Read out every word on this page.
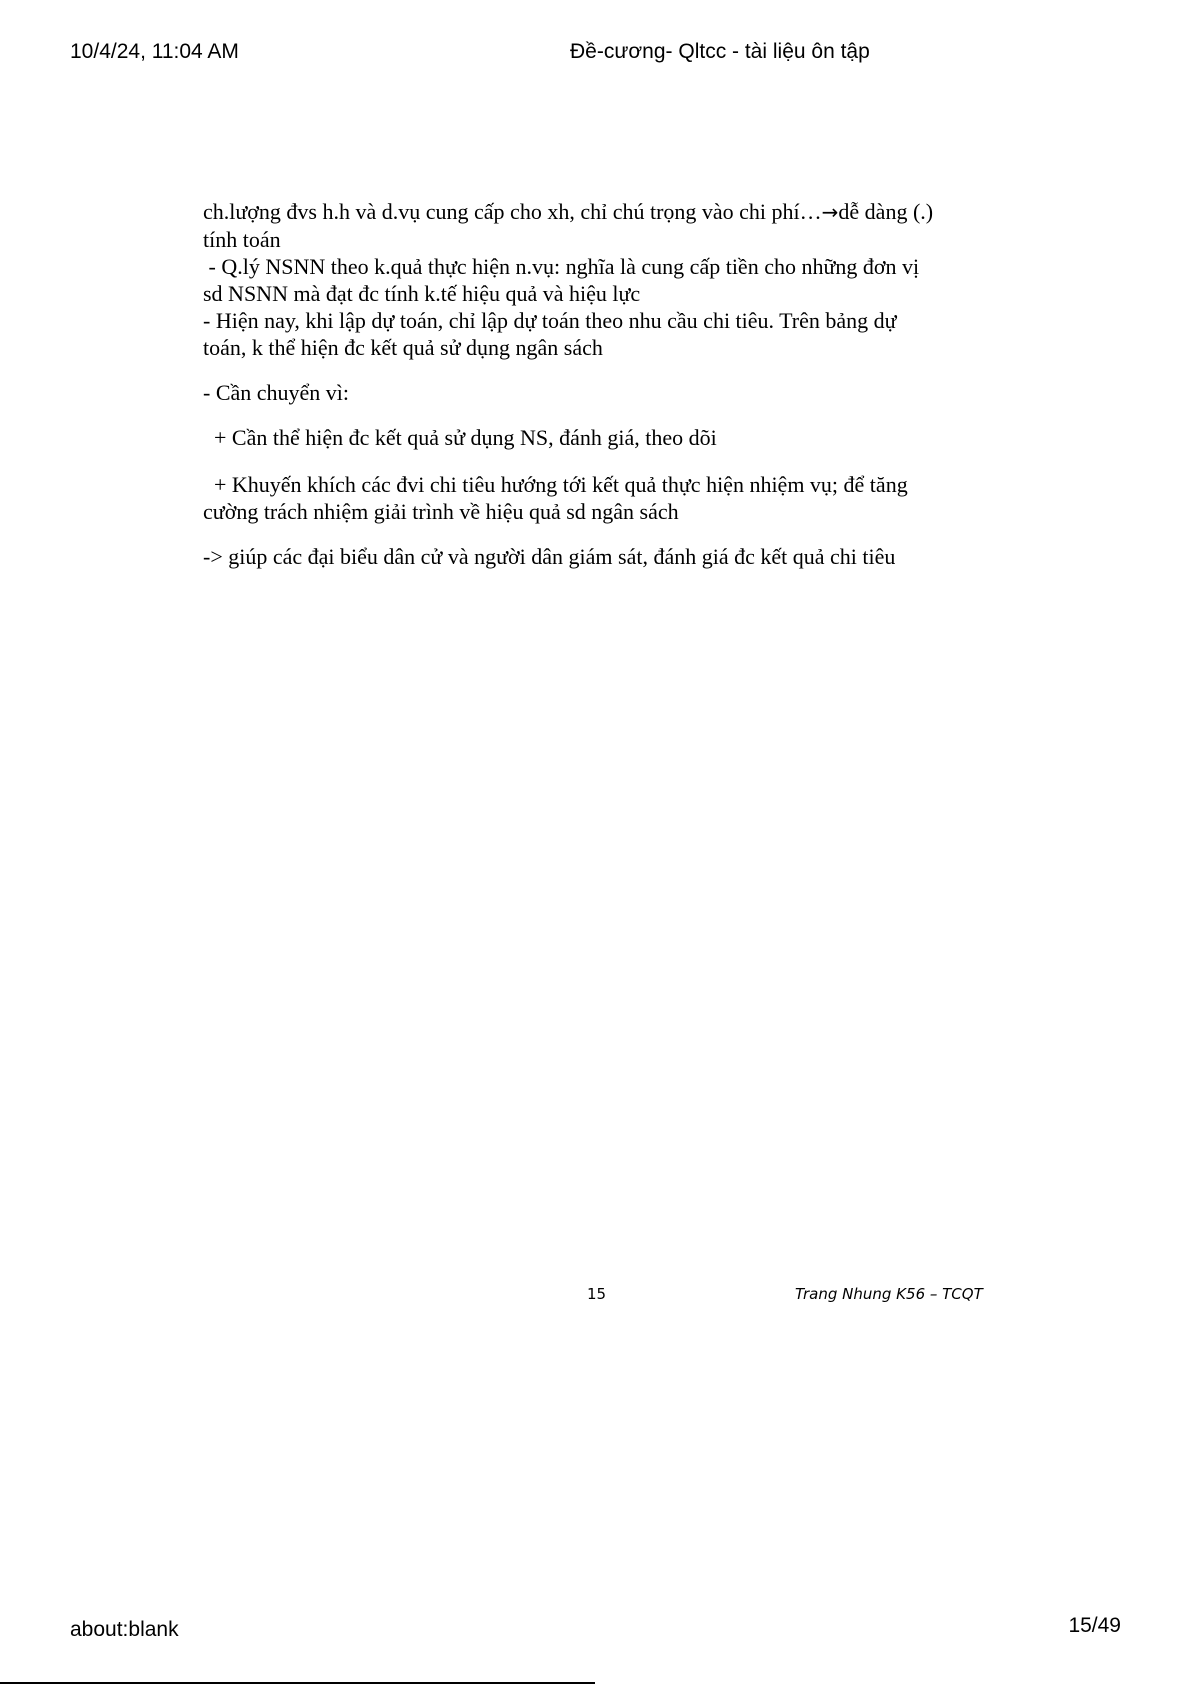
10/4/24, 11:04 AM	Đề-cương- Qltcc - tài liệu ôn tập

ch.lượng đvs h.h và d.vụ cung cấp cho xh, chỉ chú trọng vào chi phí…→dễ dàng (.)

tính toán

- Q.lý NSNN theo k.quả thực hiện n.vụ: nghĩa là cung cấp tiền cho những đơn vị

sd NSNN mà đạt đc tính k.tế hiệu quả và hiệu lực

- Hiện nay, khi lập dự toán, chỉ lập dự toán theo nhu cầu chi tiêu. Trên bảng dự

toán, k thể hiện đc kết quả sử dụng ngân sách

- Cần chuyển vì:

+ Cần thể hiện đc kết quả sử dụng NS, đánh giá, theo dõi

+ Khuyến khích các đvi chi tiêu hướng tới kết quả thực hiện nhiệm vụ; để tăng

cường trách nhiệm giải trình về hiệu quả sd ngân sách

-> giúp các đại biểu dân cử và người dân giám sát, đánh giá đc kết quả chi tiêu

15	Trang Nhung K56 – TCQT
about:blank	15/49
